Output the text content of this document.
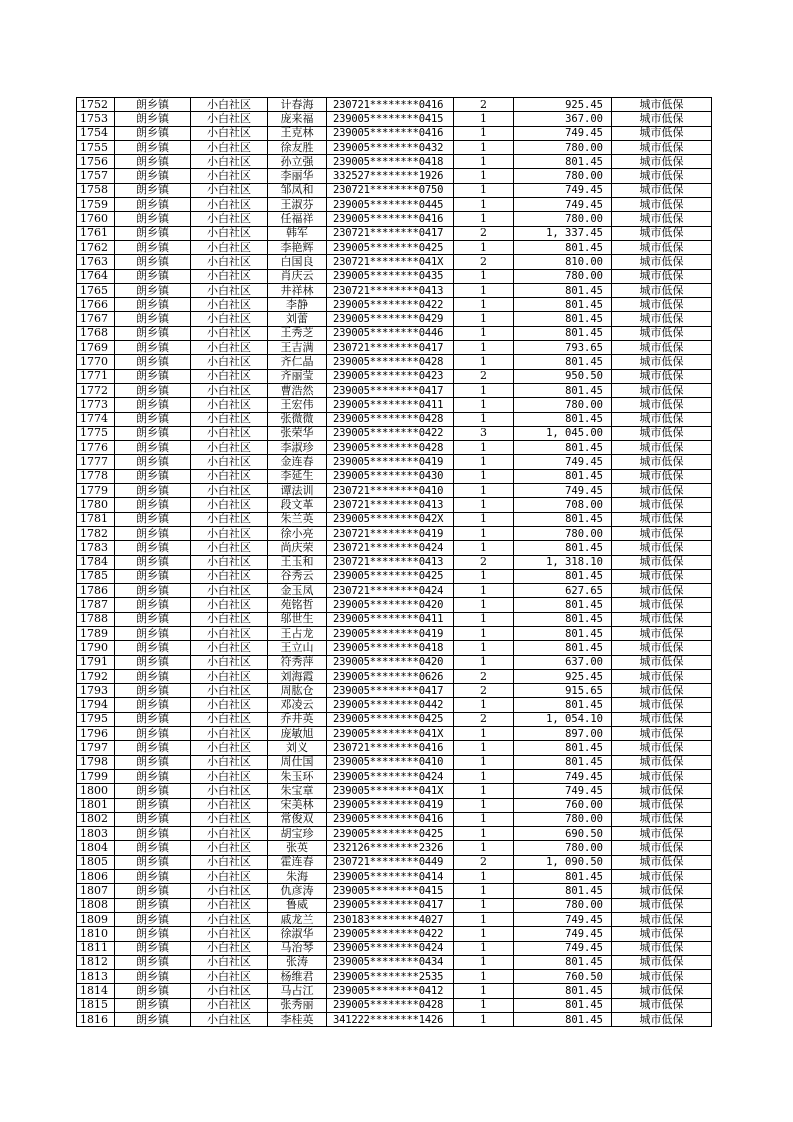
1752	朗乡镇	小白社区	计春海	230721********0416	2	925.45	城市低保
1753	朗乡镇	小白社区	庞来福	239005********0415	1	367.00	城市低保
1754	朗乡镇	小白社区	王克林	239005********0416	1	749.45	城市低保
1755	朗乡镇	小白社区	徐友胜	239005********0432	1	780.00	城市低保
1756	朗乡镇	小白社区	孙立强	239005********0418	1	801.45	城市低保
1757	朗乡镇	小白社区	李丽华	332527********1926	1	780.00	城市低保
1758	朗乡镇	小白社区	邹凤和	230721********0750	1	749.45	城市低保
1759	朗乡镇	小白社区	王淑芬	239005********0445	1	749.45	城市低保
1760	朗乡镇	小白社区	任福祥	239005********0416	1	780.00	城市低保
1761	朗乡镇	小白社区	韩军	230721********0417	2	1, 337.45	城市低保
1762	朗乡镇	小白社区	李艳辉	239005********0425	1	801.45	城市低保
1763	朗乡镇	小白社区	白国良	230721********041X	2	810.00	城市低保
1764	朗乡镇	小白社区	肖庆云	239005********0435	1	780.00	城市低保
1765	朗乡镇	小白社区	井祥林	230721********0413	1	801.45	城市低保
1766	朗乡镇	小白社区	李静	239005********0422	1	801.45	城市低保
1767	朗乡镇	小白社区	刘蕾	239005********0429	1	801.45	城市低保
1768	朗乡镇	小白社区	王秀芝	239005********0446	1	801.45	城市低保
1769	朗乡镇	小白社区	王吉满	230721********0417	1	793.65	城市低保
1770	朗乡镇	小白社区	齐仁晶	239005********0428	1	801.45	城市低保
1771	朗乡镇	小白社区	齐丽莹	239005********0423	2	950.50	城市低保
1772	朗乡镇	小白社区	曹浩然	239005********0417	1	801.45	城市低保
1773	朗乡镇	小白社区	王宏伟	239005********0411	1	780.00	城市低保
1774	朗乡镇	小白社区	张微微	239005********0428	1	801.45	城市低保
1775	朗乡镇	小白社区	张荣华	239005********0422	3	1, 045.00	城市低保
1776	朗乡镇	小白社区	李淑珍	239005********0428	1	801.45	城市低保
1777	朗乡镇	小白社区	金连春	239005********0419	1	749.45	城市低保
1778	朗乡镇	小白社区	李延生	239005********0430	1	801.45	城市低保
1779	朗乡镇	小白社区	谭法训	230721********0410	1	749.45	城市低保
1780	朗乡镇	小白社区	段文革	230721********0413	1	708.00	城市低保
1781	朗乡镇	小白社区	朱兰英	239005********042X	1	801.45	城市低保
1782	朗乡镇	小白社区	徐小亮	230721********0419	1	780.00	城市低保
1783	朗乡镇	小白社区	尚庆荣	230721********0424	1	801.45	城市低保
1784	朗乡镇	小白社区	王玉和	230721********0413	2	1, 318.10	城市低保
1785	朗乡镇	小白社区	谷秀云	239005********0425	1	801.45	城市低保
1786	朗乡镇	小白社区	金玉凤	230721********0424	1	627.65	城市低保
1787	朗乡镇	小白社区	苑铭哲	239005********0420	1	801.45	城市低保
1788	朗乡镇	小白社区	邬世生	239005********0411	1	801.45	城市低保
1789	朗乡镇	小白社区	王占龙	239005********0419	1	801.45	城市低保
1790	朗乡镇	小白社区	王立山	239005********0418	1	801.45	城市低保
1791	朗乡镇	小白社区	符秀萍	239005********0420	1	637.00	城市低保
1792	朗乡镇	小白社区	刘海霞	239005********0626	2	925.45	城市低保
1793	朗乡镇	小白社区	周肱仓	239005********0417	2	915.65	城市低保
1794	朗乡镇	小白社区	邓凌云	239005********0442	1	801.45	城市低保
1795	朗乡镇	小白社区	乔井英	239005********0425	2	1, 054.10	城市低保
1796	朗乡镇	小白社区	庞敏旭	239005********041X	1	897.00	城市低保
1797	朗乡镇	小白社区	刘义	230721********0416	1	801.45	城市低保
1798	朗乡镇	小白社区	周仕国	239005********0410	1	801.45	城市低保
1799	朗乡镇	小白社区	朱玉环	239005********0424	1	749.45	城市低保
1800	朗乡镇	小白社区	朱宝章	239005********041X	1	749.45	城市低保
1801	朗乡镇	小白社区	宋美林	239005********0419	1	760.00	城市低保
1802	朗乡镇	小白社区	常俊双	239005********0416	1	780.00	城市低保
1803	朗乡镇	小白社区	胡宝珍	239005********0425	1	690.50	城市低保
1804	朗乡镇	小白社区	张英	232126********2326	1	780.00	城市低保
1805	朗乡镇	小白社区	霍连春	230721********0449	2	1, 090.50	城市低保
1806	朗乡镇	小白社区	朱海	239005********0414	1	801.45	城市低保
1807	朗乡镇	小白社区	仇彦涛	239005********0415	1	801.45	城市低保
1808	朗乡镇	小白社区	鲁威	239005********0417	1	780.00	城市低保
1809	朗乡镇	小白社区	戚龙兰	230183********4027	1	749.45	城市低保
1810	朗乡镇	小白社区	徐淑华	239005********0422	1	749.45	城市低保
1811	朗乡镇	小白社区	马治琴	239005********0424	1	749.45	城市低保
1812	朗乡镇	小白社区	张涛	239005********0434	1	801.45	城市低保
1813	朗乡镇	小白社区	杨维君	239005********2535	1	760.50	城市低保
1814	朗乡镇	小白社区	马占江	239005********0412	1	801.45	城市低保
1815	朗乡镇	小白社区	张秀丽	239005********0428	1	801.45	城市低保
1816	朗乡镇	小白社区	李桂英	341222********1426	1	801.45	城市低保
